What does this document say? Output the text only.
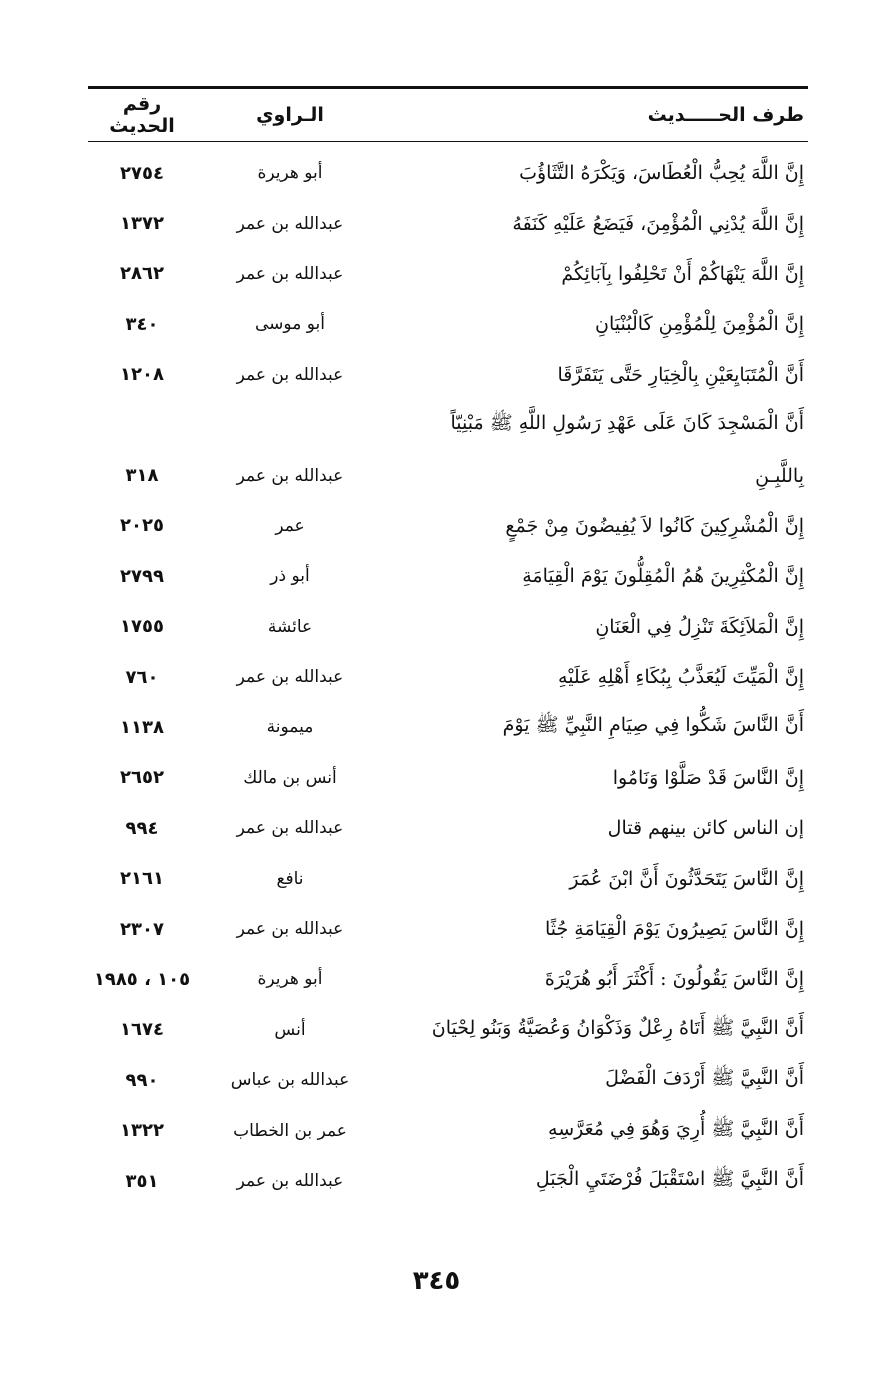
طرف الحـــــديث
الـراوي
رقم الحديث
إِنَّ اللَّهَ يُحِبُّ الْعُطَاسَ، وَيَكْرَهُ التَّثَاؤُبَ
أبو هريرة
٢٧٥٤
إِنَّ اللَّهَ يُدْنِي الْمُؤْمِنَ، فَيَضَعُ عَلَيْهِ كَنَفَهُ
عبدالله بن عمر
١٣٧٢
إِنَّ اللَّهَ يَنْهَاكُمْ أَنْ تَحْلِفُوا بِآبَائِكُمْ
عبدالله بن عمر
٢٨٦٢
إِنَّ الْمُؤْمِنَ لِلْمُؤْمِنِ كَالْبُنْيَانِ
أبو موسى
٣٤٠
أَنَّ الْمُتَبَايِعَيْنِ بِالْخِيَارِ حَتَّى يَتَفَرَّقَا
عبدالله بن عمر
١٢٠٨
أَنَّ الْمَسْجِدَ كَانَ عَلَى عَهْدِ رَسُولِ اللَّهِ ﷺ مَبْنِيّاً
بِاللَّبِـنِ
عبدالله بن عمر
٣١٨
إِنَّ الْمُشْرِكِينَ كَانُوا لاَ يُفِيضُونَ مِنْ جَمْعٍ
عمر
٢٠٢٥
إِنَّ الْمُكْثِرِينَ هُمُ الْمُقِلُّونَ يَوْمَ الْقِيَامَةِ
أبو ذر
٢٧٩٩
إِنَّ الْمَلاَئِكَةَ تَنْزِلُ فِي الْعَنَانِ
عائشة
١٧٥٥
إِنَّ الْمَيِّتَ لَيُعَذَّبُ بِبُكَاءِ أَهْلِهِ عَلَيْهِ
عبدالله بن عمر
٧٦٠
أَنَّ النَّاسَ شَكُّوا فِي صِيَامِ النَّبِيِّ ﷺ يَوْمَ
ميمونة
١١٣٨
إِنَّ النَّاسَ قَدْ صَلَّوْا وَنَامُوا
أنس بن مالك
٢٦٥٢
إن الناس كائن بينهم قتال
عبدالله بن عمر
٩٩٤
إِنَّ النَّاسَ يَتَحَدَّثُونَ أَنَّ ابْنَ عُمَرَ
نافع
٢١٦١
إِنَّ النَّاسَ يَصِيرُونَ يَوْمَ الْقِيَامَةِ جُثًا
عبدالله بن عمر
٢٣٠٧
إِنَّ النَّاسَ يَقُولُونَ : أَكْثَرَ أَبُو هُرَيْرَةَ
أبو هريرة
١٠٥ ، ١٩٨٥
أَنَّ النَّبِيَّ ﷺ أَتَاهُ رِعْلٌ وَذَكْوَانُ وَعُصَيَّةُ وَبَنُو لِحْيَانَ
أنس
١٦٧٤
أَنَّ النَّبِيَّ ﷺ أَرْدَفَ الْفَضْلَ
عبدالله بن عباس
٩٩٠
أَنَّ النَّبِيَّ ﷺ أُرِيَ وَهُوَ فِي مُعَرَّسِهِ
عمر بن الخطاب
١٣٢٢
أَنَّ النَّبِيَّ ﷺ اسْتَقْبَلَ فُرْضَتَيِ الْجَبَلِ
عبدالله بن عمر
٣٥١
٣٤٥
